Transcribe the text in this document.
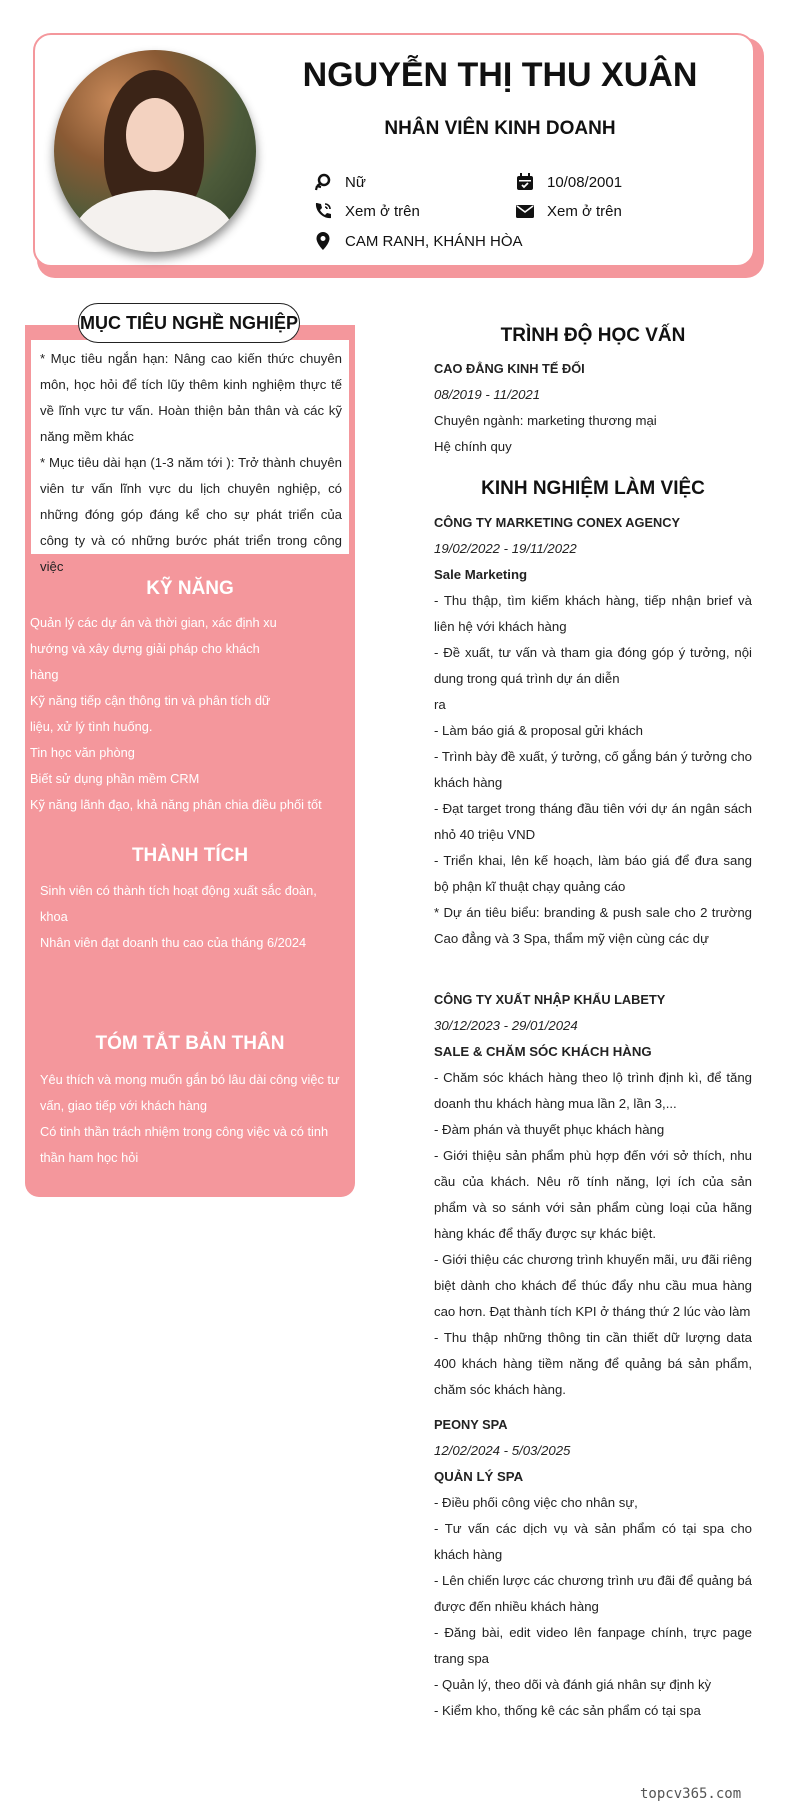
NGUYỄN THỊ THU XUÂN
NHÂN VIÊN KINH DOANH
Nữ	10/08/2001
Xem ở trên	Xem ở trên
CAM RANH, KHÁNH HÒA
MỤC TIÊU NGHỀ NGHIỆP

* Mục tiêu ngắn hạn: Nâng cao kiến thức chuyên môn, học hỏi để tích lũy thêm kinh nghiệm thực tế về lĩnh vực tư vấn. Hoàn thiện bản thân và các kỹ năng mềm khác

* Mục tiêu dài hạn (1-3 năm tới ): Trở thành chuyên viên tư vấn lĩnh vực du lịch chuyên nghiệp, có những đóng góp đáng kể cho sự phát triển của công ty và có những bước phát triển trong công việc

KỸ NĂNG
Quản lý các dự án và thời gian, xác định xu
hướng và xây dựng giải pháp cho khách
hàng
Kỹ năng tiếp cận thông tin và phân tích dữ
liệu, xử lý tình huống.
Tin học văn phòng
Biết sử dụng phần mềm CRM
Kỹ năng lãnh đạo, khả năng phân chia điều phối tốt
THÀNH TÍCH
Sinh viên có thành tích hoạt động xuất sắc đoàn,
khoa
Nhân viên đạt doanh thu cao của tháng 6/2024
TÓM TẮT BẢN THÂN
Yêu thích và mong muốn gắn bó lâu dài công việc tư
vấn, giao tiếp với khách hàng
Có tinh thần trách nhiệm trong công việc và có tinh
thần ham học hỏi
TRÌNH ĐỘ HỌC VẤN
CAO ĐẲNG KINH TẾ ĐỐI
08/2019 - 11/2021
Chuyên ngành: marketing thương mại
Hệ chính quy
KINH NGHIỆM LÀM VIỆC
CÔNG TY MARKETING CONEX AGENCY
19/02/2022 - 19/11/2022
Sale Marketing
- Thu thập, tìm kiếm khách hàng, tiếp nhận brief và liên hệ với khách hàng
- Đề xuất, tư vấn và tham gia đóng góp ý tưởng, nội dung trong quá trình dự án diễn
ra
- Làm báo giá & proposal gửi khách
- Trình bày đề xuất, ý tưởng, cố gắng bán ý tưởng cho khách hàng
- Đạt target trong tháng đầu tiên với dự án ngân sách nhỏ 40 triệu VND
- Triển khai, lên kế hoạch, làm báo giá để đưa sang bộ phận kĩ thuật chạy quảng cáo
* Dự án tiêu biểu: branding & push sale cho 2 trường Cao đẳng và 3 Spa, thẩm mỹ viện cùng các dự
CÔNG TY XUẤT NHẬP KHẨU LABETY
30/12/2023 - 29/01/2024
SALE & CHĂM SÓC KHÁCH HÀNG
- Chăm sóc khách hàng theo lộ trình định kì, để tăng doanh thu khách hàng mua lần 2, lần 3,...
- Đàm phán và thuyết phục khách hàng
- Giới thiệu sản phẩm phù hợp đến với sở thích, nhu cầu của khách. Nêu rõ tính năng, lợi ích của sản phẩm và so sánh với sản phẩm cùng loại của hãng hàng khác để thấy được sự khác biệt.
- Giới thiệu các chương trình khuyến mãi, ưu đãi riêng biệt dành cho khách để thúc đẩy nhu cầu mua hàng cao hơn. Đạt thành tích KPI ở tháng thứ 2 lúc vào làm
- Thu thập những thông tin cần thiết dữ lượng data 400 khách hàng tiềm năng để quảng bá sản phẩm, chăm sóc khách hàng.
PEONY SPA
12/02/2024 - 5/03/2025
QUẢN LÝ SPA
- Điều phối công việc cho nhân sự,
- Tư vấn các dịch vụ và sản phẩm có tại spa cho khách hàng
- Lên chiến lược các chương trình ưu đãi để quảng bá được đến nhiều khách hàng
- Đăng bài, edit video lên fanpage chính, trực page trang spa
- Quản lý, theo dõi và đánh giá nhân sự định kỳ
- Kiểm kho, thống kê các sản phẩm có tại spa
topcv365.com
